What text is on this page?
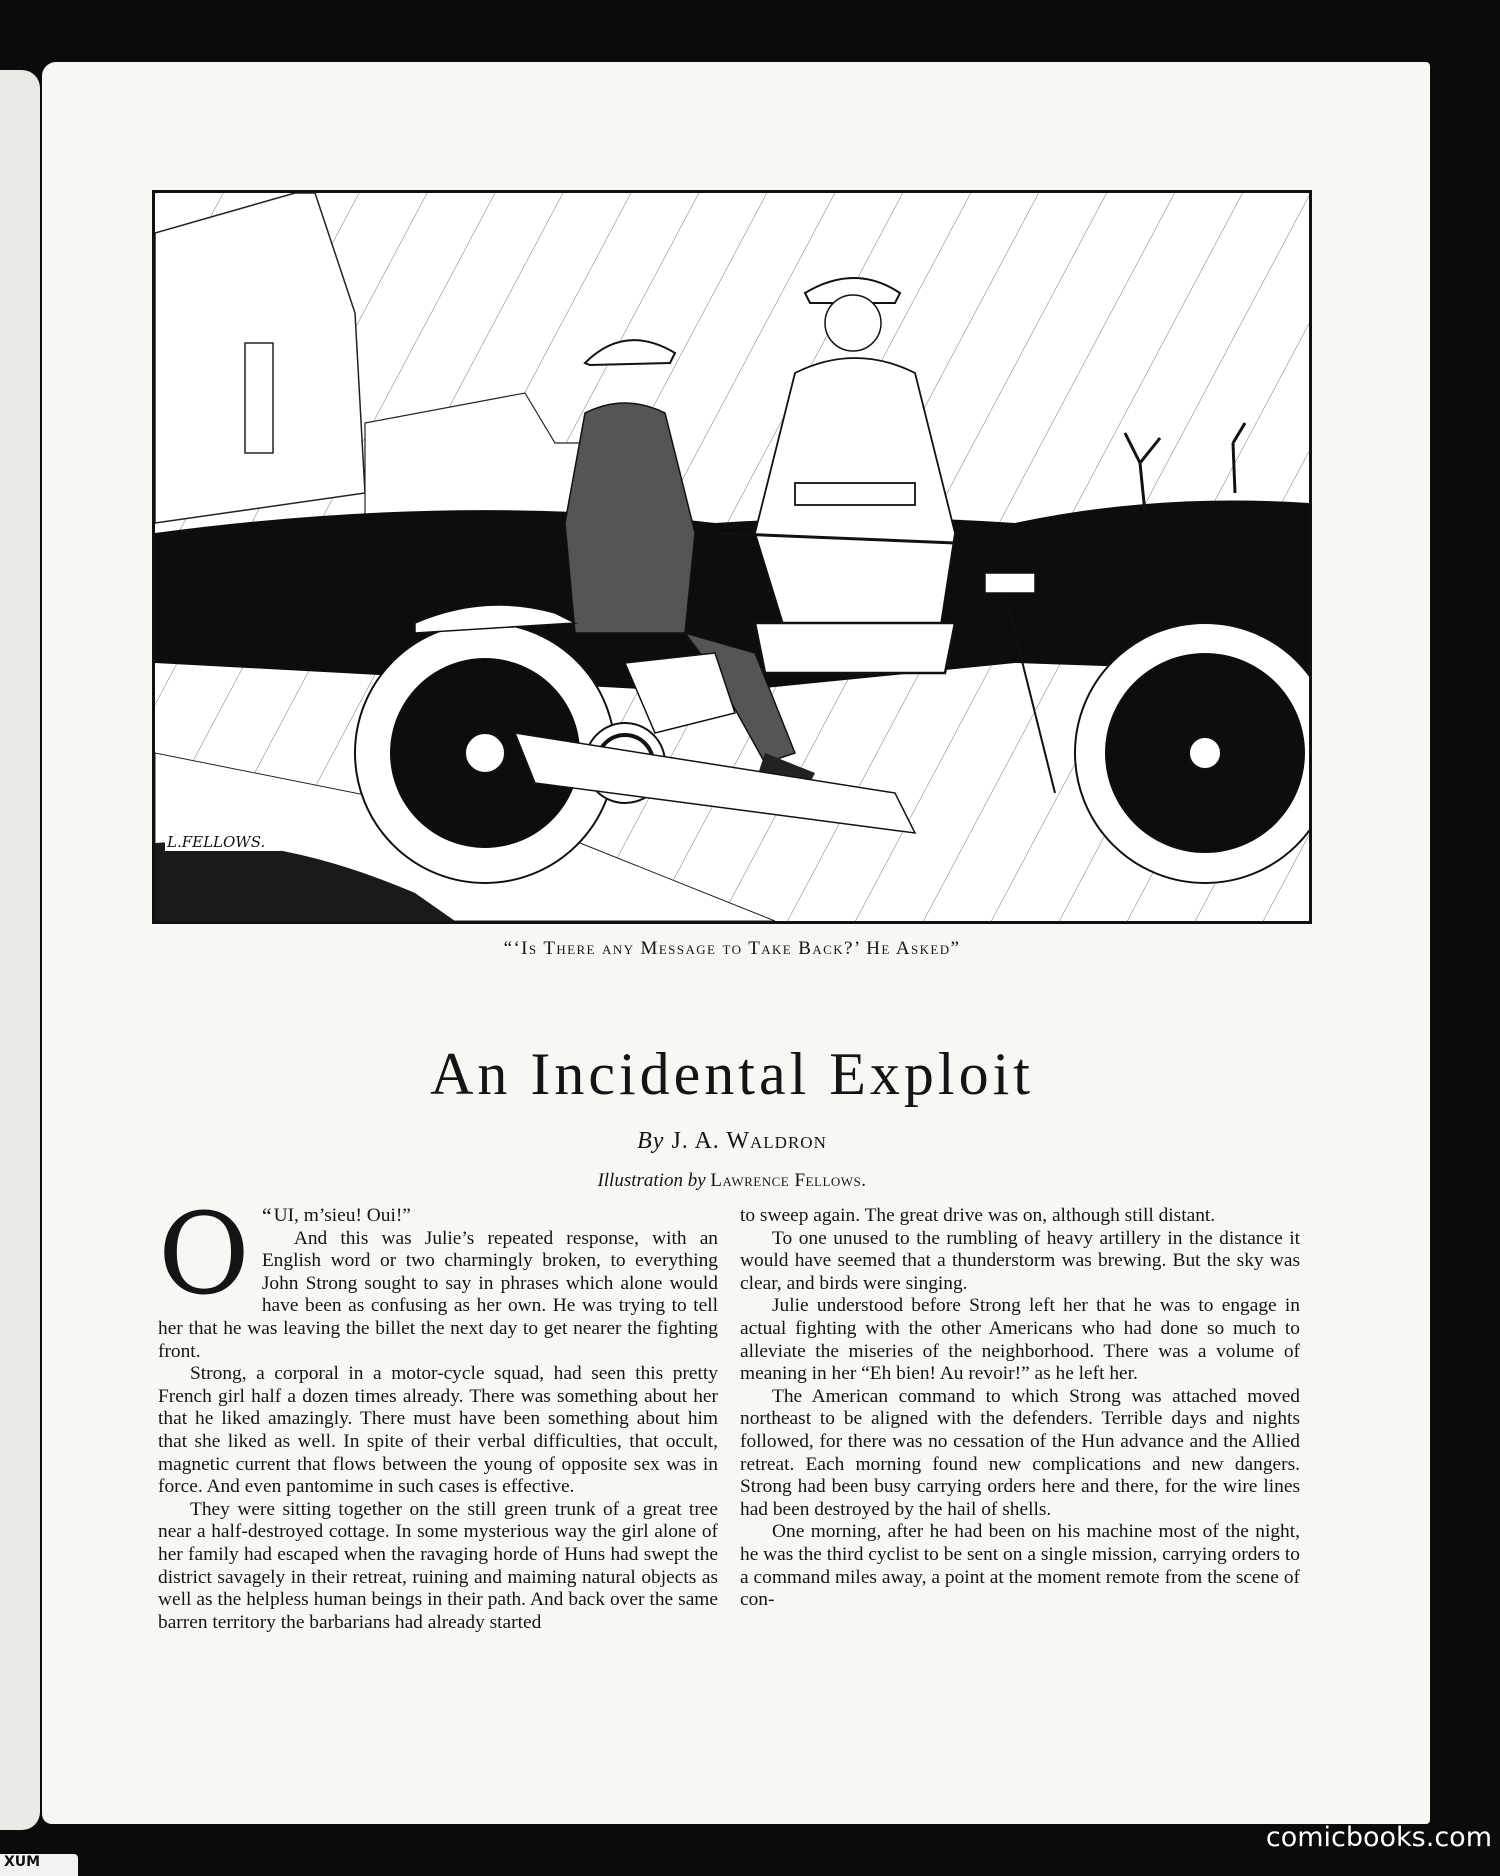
L.FELLOWS.
“‘Is There any Message to Take Back?’ He Asked”
An Incidental Exploit
By J. A. Waldron
Illustration by Lawrence Fellows.

“
O UI, m’sieu! Oui!”

And this was Julie’s repeated response, with an English word or two charmingly broken, to everything John Strong sought to say in phrases which alone would have been as confusing as her own. He was trying to tell her that he was leaving the billet the next day to get nearer the fighting front.

Strong, a corporal in a motor-cycle squad, had seen this pretty French girl half a dozen times already. There was something about her that he liked amazingly. There must have been something about him that she liked as well. In spite of their verbal difficulties, that occult, magnetic current that flows between the young of opposite sex was in force. And even pantomime in such cases is effective.

They were sitting together on the still green trunk of a great tree near a half-destroyed cottage. In some mysterious way the girl alone of her family had escaped when the ravaging horde of Huns had swept the district savagely in their retreat, ruining and maiming natural objects as well as the helpless human beings in their path. And back over the same barren territory the barbarians had already started

to sweep again. The great drive was on, although still distant.

To one unused to the rumbling of heavy artillery in the distance it would have seemed that a thunderstorm was brewing. But the sky was clear, and birds were singing.

Julie understood before Strong left her that he was to engage in actual fighting with the other Americans who had done so much to alleviate the miseries of the neighborhood. There was a volume of meaning in her “Eh bien! Au revoir!” as he left her.

The American command to which Strong was attached moved northeast to be aligned with the defenders. Terrible days and nights followed, for there was no cessation of the Hun advance and the Allied retreat. Each morning found new complications and new dangers. Strong had been busy carrying orders here and there, for the wire lines had been destroyed by the hail of shells.

One morning, after he had been on his machine most of the night, he was the third cyclist to be sent on a single mission, carrying orders to a command miles away, a point at the moment remote from the scene of con-

comicbooks.com
XUM
